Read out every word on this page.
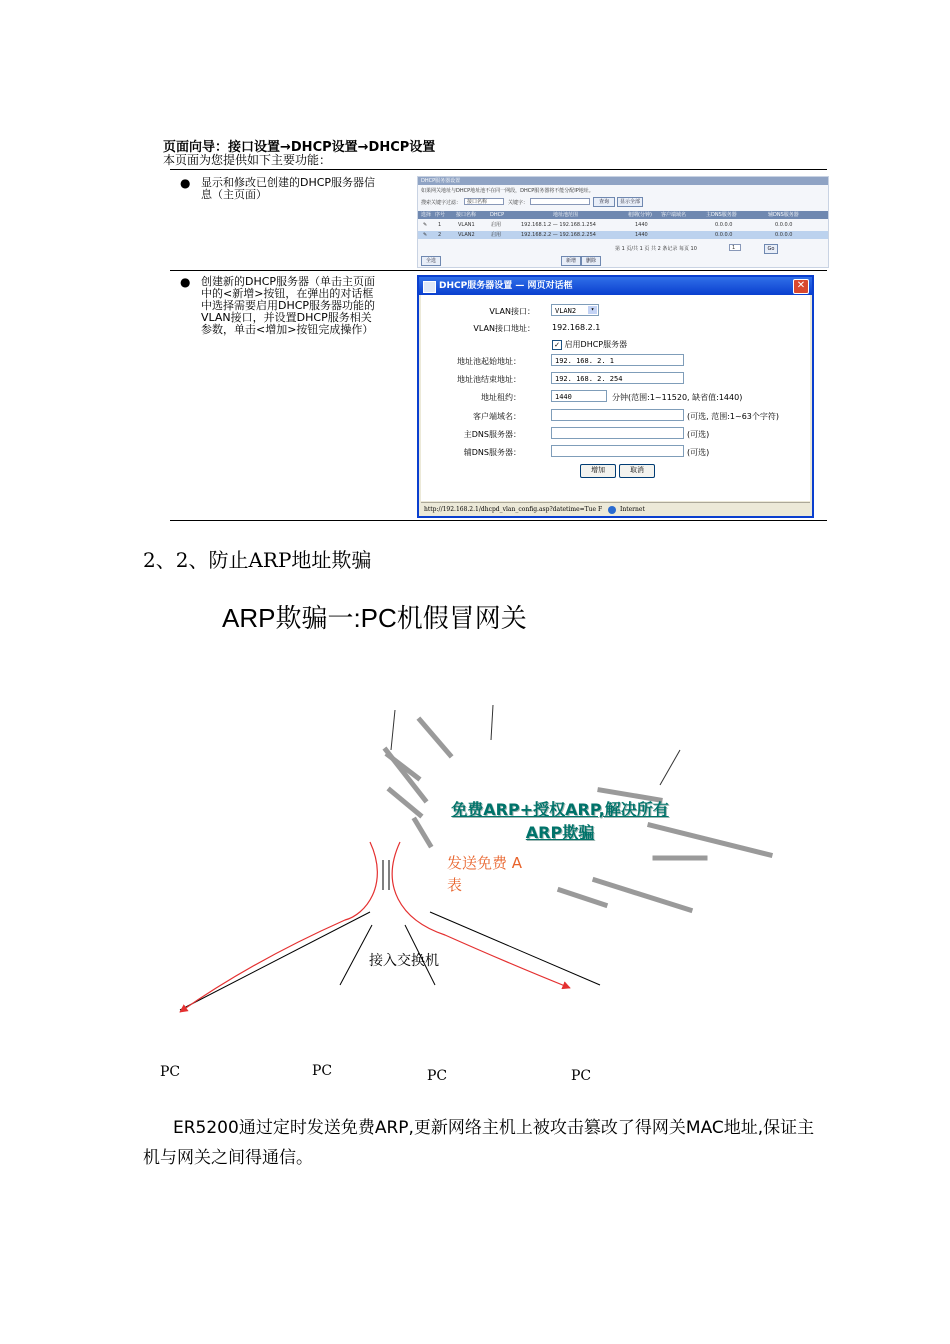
页面向导：接口设置→DHCP设置→DHCP设置
本页面为您提供如下主要功能：
● 显示和修改已创建的DHCP服务器信息（主页面）
● 创建新的DHCP服务器（单击主页面中的<新增>按钮，在弹出的对话框中选择需要启用DHCP服务器功能的VLAN接口，并设置DHCP服务相关参数，单击<增加>按钮完成操作）
DHCP服务器设置
如果网关地址与DHCP地址池不在同一网段，DHCP服务器将不能分配IP地址。
搜索关键字过滤：	接口名称	关键字：	查询	显示全部
选择 序号 接口名称	DHCP	地址池范围	租期(分钟) 客户端域名	主DNS服务器	辅DNS服务器
✎ 1	VLAN1	启用	192.168.1.2 — 192.168.1.254	1440	0.0.0.0	0.0.0.0
✎ 2	VLAN2	启用	192.168.2.2 — 192.168.2.254	1440	0.0.0.0	0.0.0.0
第 1 页/共 1 页 共 2 条记录 每页 10	1	Go
全选	新增	删除
DHCP服务器设置 — 网页对话框	✕
VLAN接口：	VLAN2	▾
VLAN接口地址： 192.168.2.1
✓ 启用DHCP服务器
地址池起始地址：	192. 168. 2. 1
地址池结束地址：	192. 168. 2. 254
地址租约：	1440	分钟(范围:1~11520, 缺省值:1440)
客户端域名：	(可选, 范围:1~63个字符)
主DNS服务器：	(可选)
辅DNS服务器：	(可选)
增加	取消
http://192.168.2.1/dhcpd_vlan_config.asp?datetime=Tue F	Internet
2、2、防止ARP地址欺骗
ARP欺骗一:PC机假冒网关
免费ARP+授权ARP,解决所有
ARP欺骗
发送免费 A
表
接入交换机
PC	PC	PC	PC
ER5200通过定时发送免费ARP,更新网络主机上被攻击篡改了得网关MAC地址,保证主机与网关之间得通信。
